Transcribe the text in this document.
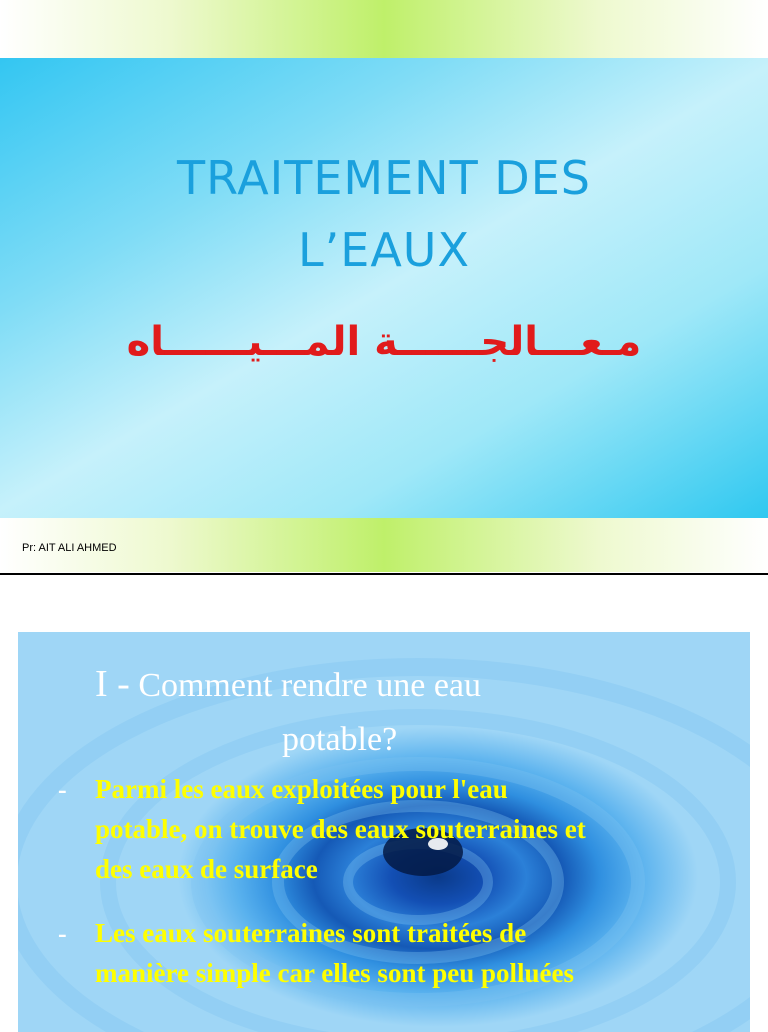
TRAITEMENT DES
L’EAUX
مـعـــالجــــــة المـــيــــــاه
Pr: AIT ALI AHMED
I - Comment rendre une eau
potable?
- Parmi les eaux exploitées pour l'eau
potable, on trouve des eaux souterraines et
des eaux de surface
- Les eaux souterraines sont traitées de
manière simple car elles sont peu polluées
